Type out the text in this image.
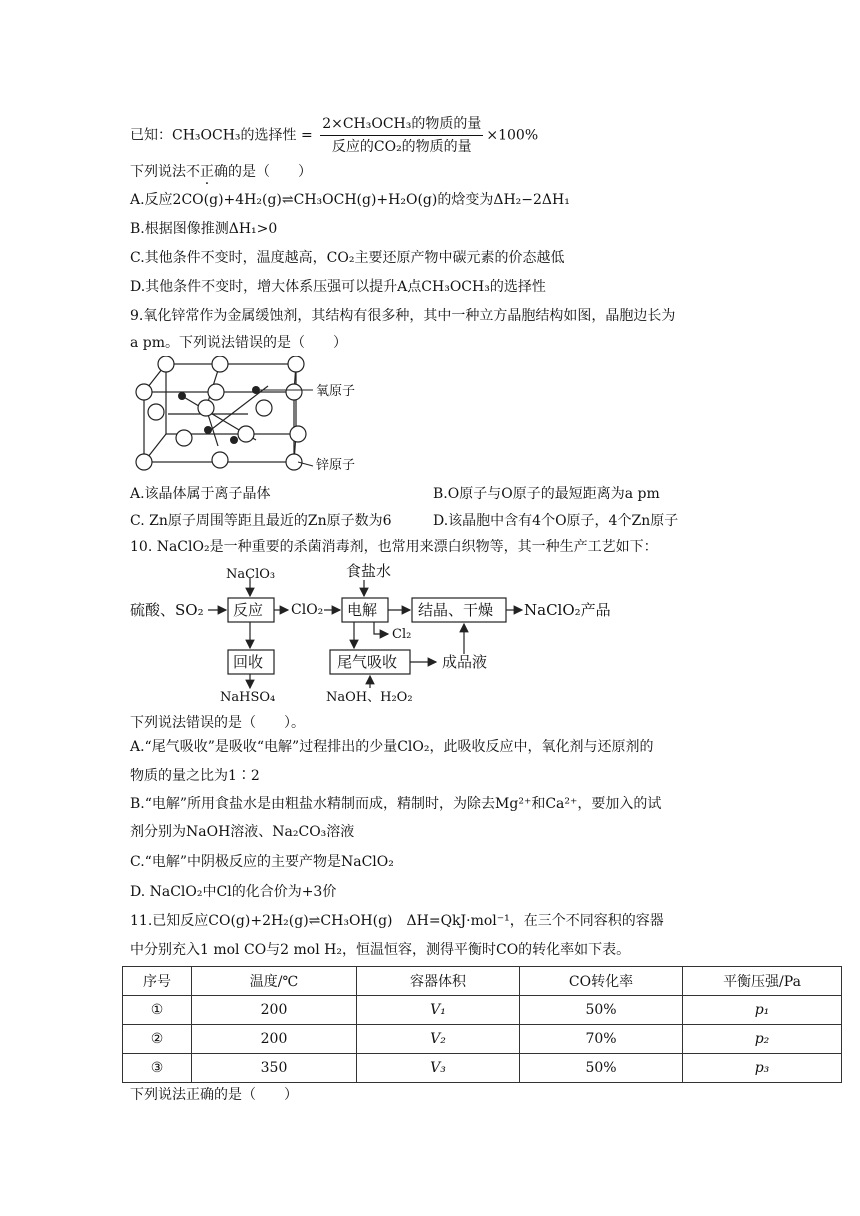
已知：CH₃OCH₃的选择性 = $\frac{\text{2×CH₃OCH₃的物质的量}}{\text{反应的CO₂的物质的量}} \times 100\%$
下列说法不正确的是（　　）
A.反应2CO(g)+4H₂(g)⇌CH₃OCH(g)+H₂O(g)的焓变为ΔH₂−2ΔH₁
B.根据图像推测ΔH₁>0
C.其他条件不变时，温度越高，CO₂主要还原产物中碳元素的价态越低
D.其他条件不变时，增大体系压强可以提升A点CH₃OCH₃的选择性
9.氧化锌常作为金属缓蚀剂，其结构有很多种，其中一种立方晶胞结构如图，晶胞边长为
a pm。下列说法错误的是（　　）
氧原子
锌原子
A.该晶体属于离子晶体	B.O原子与O原子的最短距离为a pm
C. Zn原子周围等距且最近的Zn原子数为6	D.该晶胞中含有4个O原子，4个Zn原子
10. NaClO₂是一种重要的杀菌消毒剂，也常用来漂白织物等，其一种生产工艺如下：
NaClO₃	食盐水
硫酸、SO₂ 反应 ClO₂ 电解	结晶、干燥 NaClO₂产品
Cl₂
回收	尾气吸收	成品液
NaHSO₄	NaOH、H₂O₂
下列说法错误的是（　　）。
A.“尾气吸收”是吸收“电解”过程排出的少量ClO₂，此吸收反应中，氧化剂与还原剂的
物质的量之比为1∶2
B.“电解”所用食盐水是由粗盐水精制而成，精制时，为除去Mg²⁺和Ca²⁺，要加入的试
剂分别为NaOH溶液、Na₂CO₃溶液
C.“电解”中阴极反应的主要产物是NaClO₂
D. NaClO₂中Cl的化合价为+3价
11.已知反应CO(g)+2H₂(g)⇌CH₃OH(g)　ΔH=QkJ·mol⁻¹，在三个不同容积的容器
中分别充入1 mol CO与2 mol H₂，恒温恒容，测得平衡时CO的转化率如下表。
序号	温度/℃	容器体积	CO转化率	平衡压强/Pa
①	200	V₁	50%	p₁
②	200	V₂	70%	p₂
③	350	V₃	50%	p₃
下列说法正确的是（　　）
